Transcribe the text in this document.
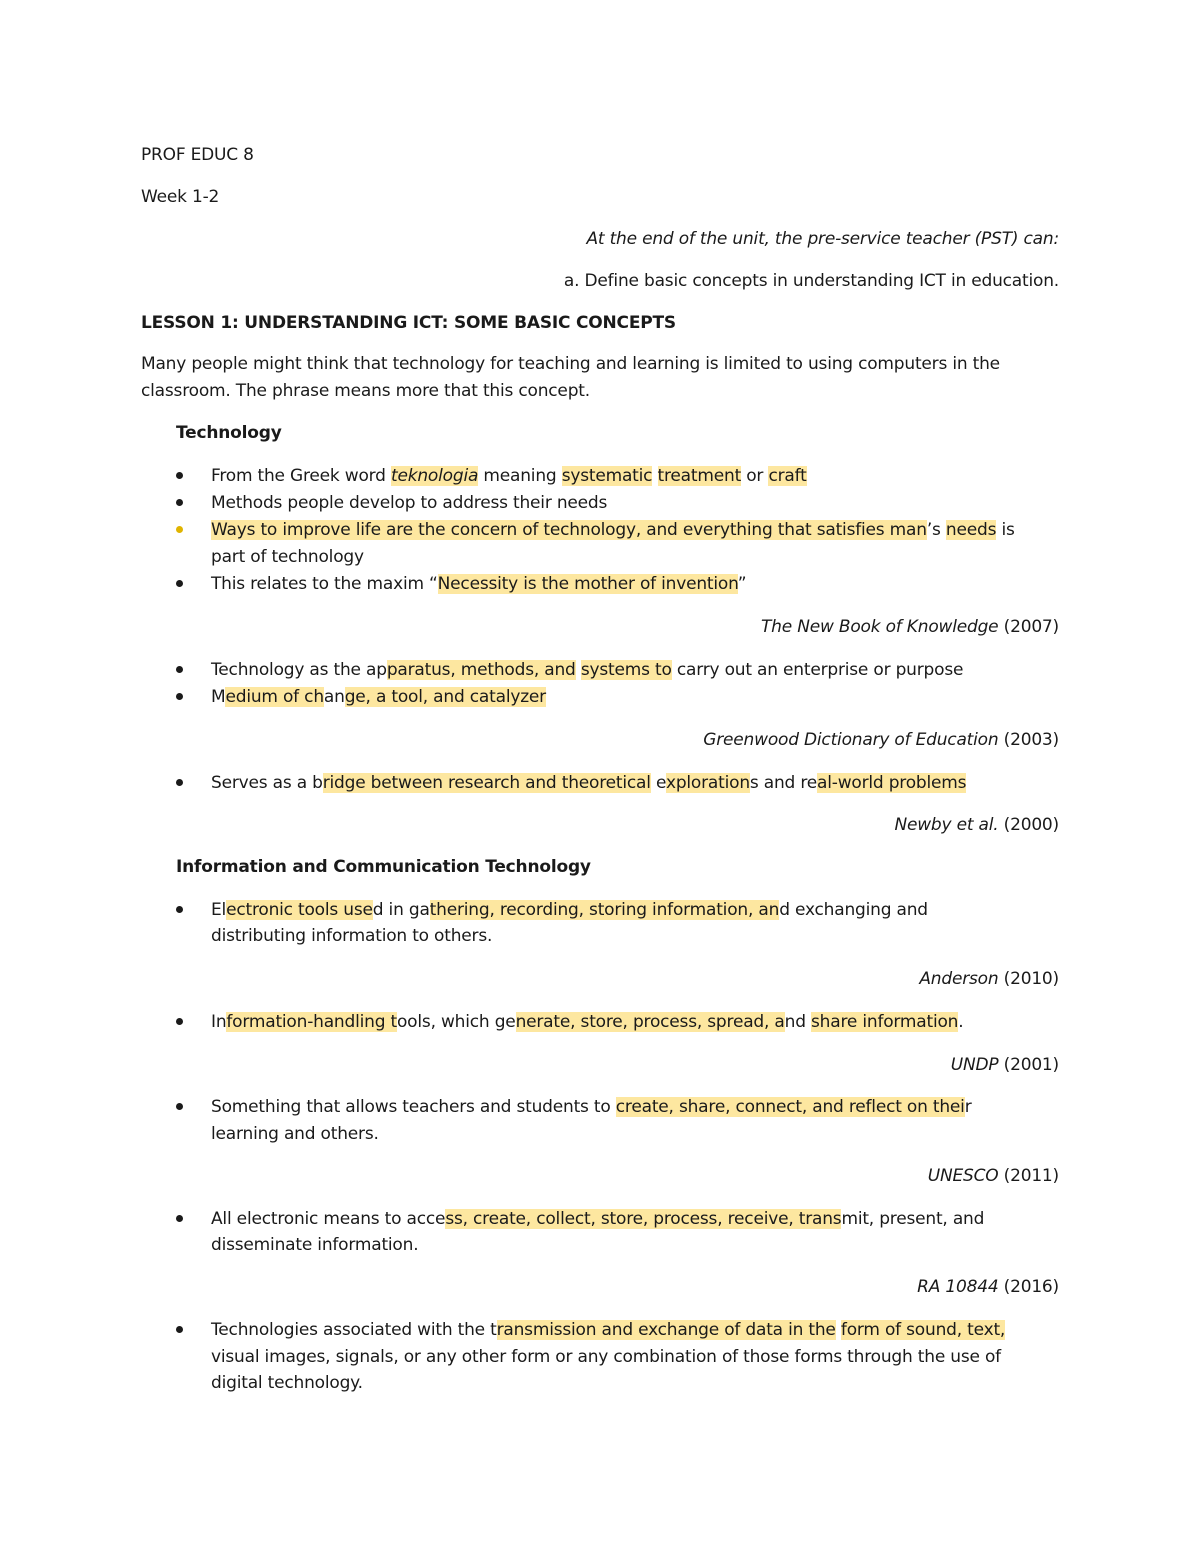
PROF EDUC 8
Week 1-2
At the end of the unit, the pre-service teacher (PST) can:
a. Define basic concepts in understanding ICT in education.
LESSON 1: UNDERSTANDING ICT: SOME BASIC CONCEPTS
Many people might think that technology for teaching and learning is limited to using computers in the
classroom. The phrase means more that this concept.
Technology
From the Greek word teknologia meaning systematic treatment or craft
Methods people develop to address their needs
Ways to improve life are the concern of technology, and everything that satisfies man’s needs is
part of technology
This relates to the maxim “Necessity is the mother of invention”
The New Book of Knowledge (2007)
Technology as the apparatus, methods, and systems to carry out an enterprise or purpose
Medium of change, a tool, and catalyzer
Greenwood Dictionary of Education (2003)
Serves as a bridge between research and theoretical explorations and real-world problems
Newby et al. (2000)
Information and Communication Technology
Electronic tools used in gathering, recording, storing information, and exchanging and
distributing information to others.
Anderson (2010)
Information-handling tools, which generate, store, process, spread, and share information.
UNDP (2001)
Something that allows teachers and students to create, share, connect, and reflect on their
learning and others.
UNESCO (2011)
All electronic means to access, create, collect, store, process, receive, transmit, present, and
disseminate information.
RA 10844 (2016)
Technologies associated with the transmission and exchange of data in the form of sound, text,
visual images, signals, or any other form or any combination of those forms through the use of
digital technology.
